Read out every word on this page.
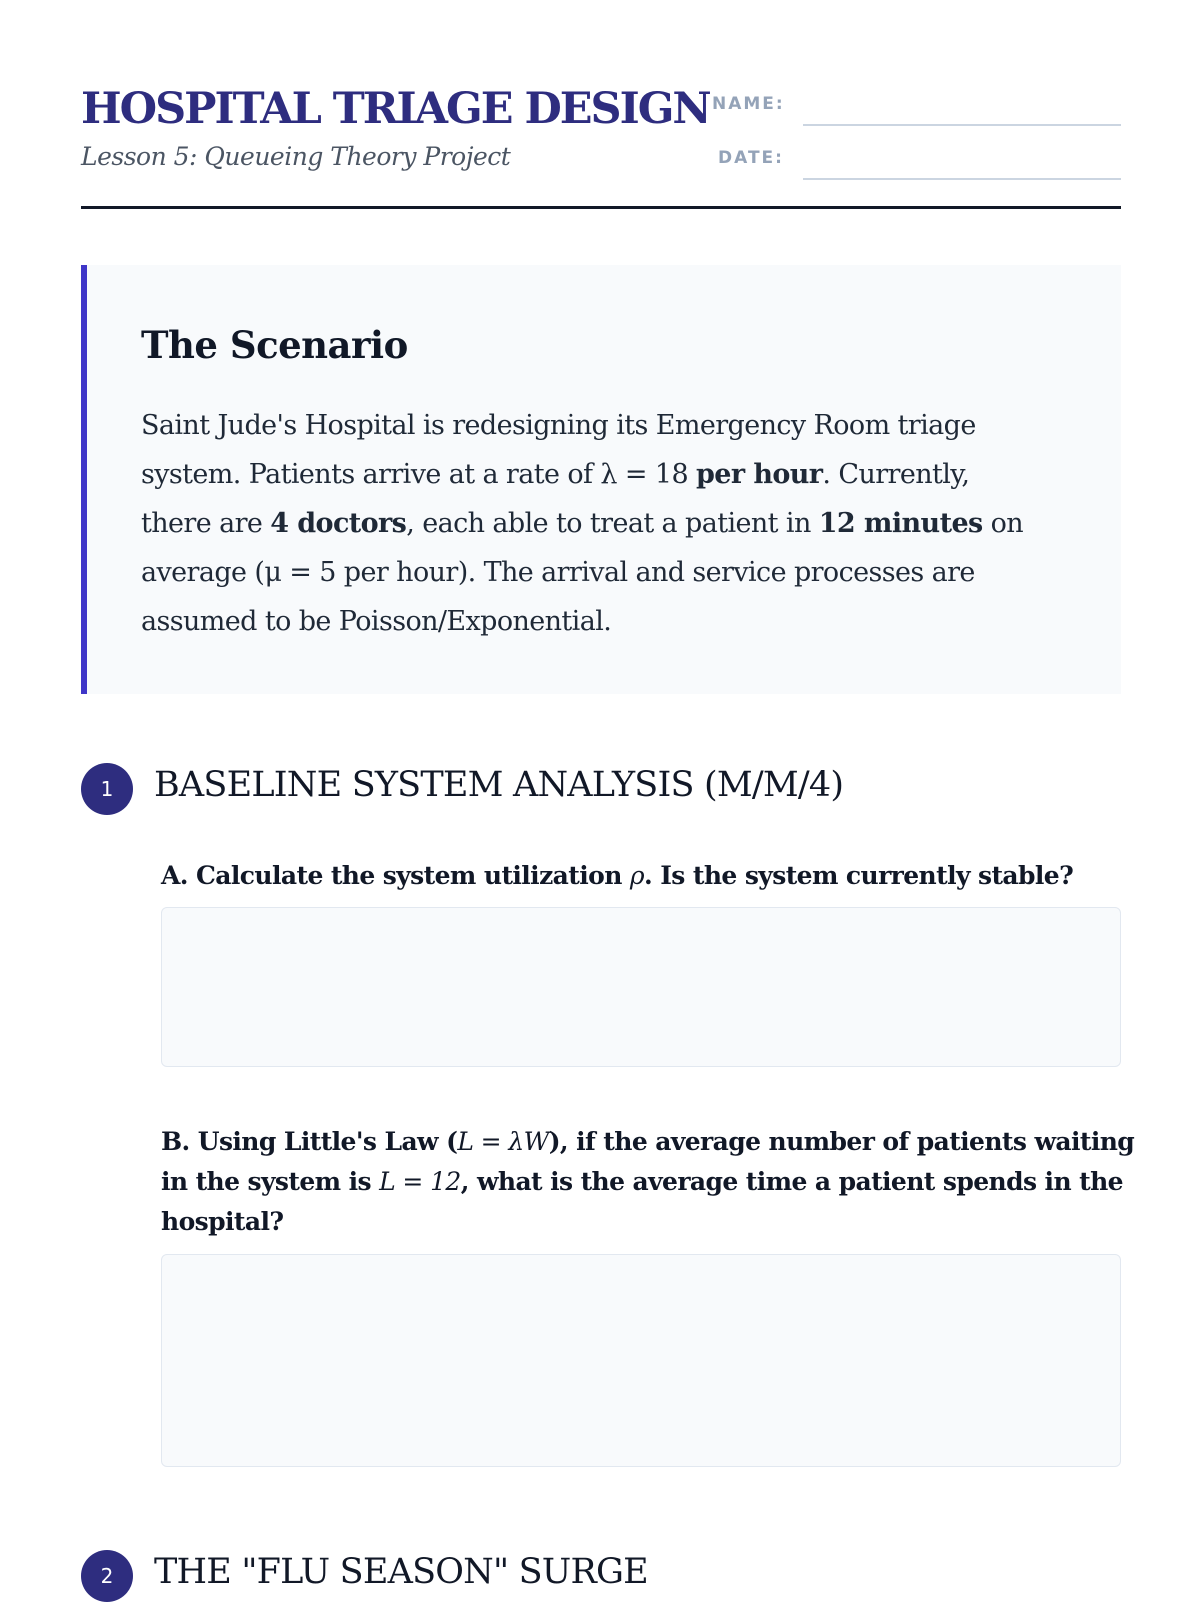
HOSPITAL TRIAGE DESIGN
Lesson 5: Queueing Theory Project
NAME:
DATE:
The Scenario
Saint Jude's Hospital is redesigning its Emergency Room triage
system. Patients arrive at a rate of λ = 18 per hour. Currently,
there are 4 doctors, each able to treat a patient in 12 minutes on
average (μ = 5 per hour). The arrival and service processes are
assumed to be Poisson/Exponential.
1	BASELINE SYSTEM ANALYSIS (M/M/4)
A. Calculate the system utilization ρ. Is the system currently stable?
B. Using Little's Law (L = λW), if the average number of patients waiting
in the system is L = 12, what is the average time a patient spends in the
hospital?
2	THE "FLU SEASON" SURGE
